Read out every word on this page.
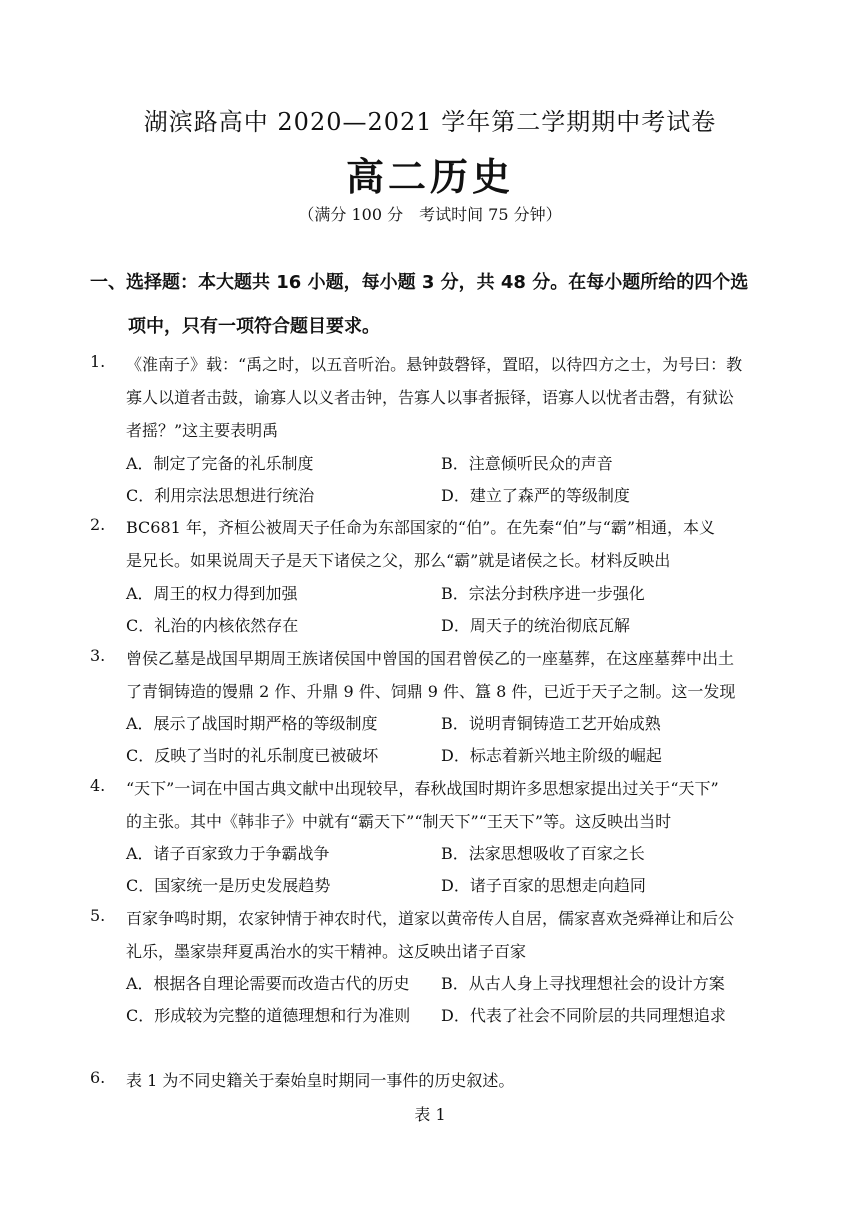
湖滨路高中 2020—2021 学年第二学期期中考试卷
高二历史
（满分 100 分　考试时间 75 分钟）
一、选择题：本大题共 16 小题，每小题 3 分，共 48 分。在每小题所给的四个选
项中，只有一项符合题目要求。
1. 《淮南子》载：“禹之时，以五音听治。悬钟鼓磬铎，置昭，以待四方之士，为号曰：教
寡人以道者击鼓，谕寡人以义者击钟，告寡人以事者振铎，语寡人以忧者击磬，有狱讼
者摇？”这主要表明禹
A．制定了完备的礼乐制度	B．注意倾听民众的声音
C．利用宗法思想进行统治	D．建立了森严的等级制度
2. BC681 年，齐桓公被周天子任命为东部国家的“伯”。在先秦“伯”与“霸”相通，本义
是兄长。如果说周天子是天下诸侯之父，那么“霸”就是诸侯之长。材料反映出
A．周王的权力得到加强	B．宗法分封秩序进一步强化
C．礼治的内核依然存在	D．周天子的统治彻底瓦解
3. 曾侯乙墓是战国早期周王族诸侯国中曾国的国君曾侯乙的一座墓葬，在这座墓葬中出土
了青铜铸造的馒鼎 2 作、升鼎 9 件、饲鼎 9 件、簋 8 件，已近于天子之制。这一发现
A．展示了战国时期严格的等级制度	B．说明青铜铸造工艺开始成熟
C．反映了当时的礼乐制度已被破坏	D．标志着新兴地主阶级的崛起
4. “天下”一词在中国古典文献中出现较早，春秋战国时期许多思想家提出过关于“天下”
的主张。其中《韩非子》中就有“霸天下”“制天下”“王天下”等。这反映出当时
A．诸子百家致力于争霸战争	B．法家思想吸收了百家之长
C．国家统一是历史发展趋势	D．诸子百家的思想走向趋同
5. 百家争鸣时期，农家钟情于神农时代，道家以黄帝传人自居，儒家喜欢尧舜禅让和后公
礼乐，墨家崇拜夏禹治水的实干精神。这反映出诸子百家
A．根据各自理论需要而改造古代的历史 B．从古人身上寻找理想社会的设计方案
C．形成较为完整的道德理想和行为准则 D．代表了社会不同阶层的共同理想追求
6. 表 1 为不同史籍关于秦始皇时期同一事件的历史叙述。
表 1
